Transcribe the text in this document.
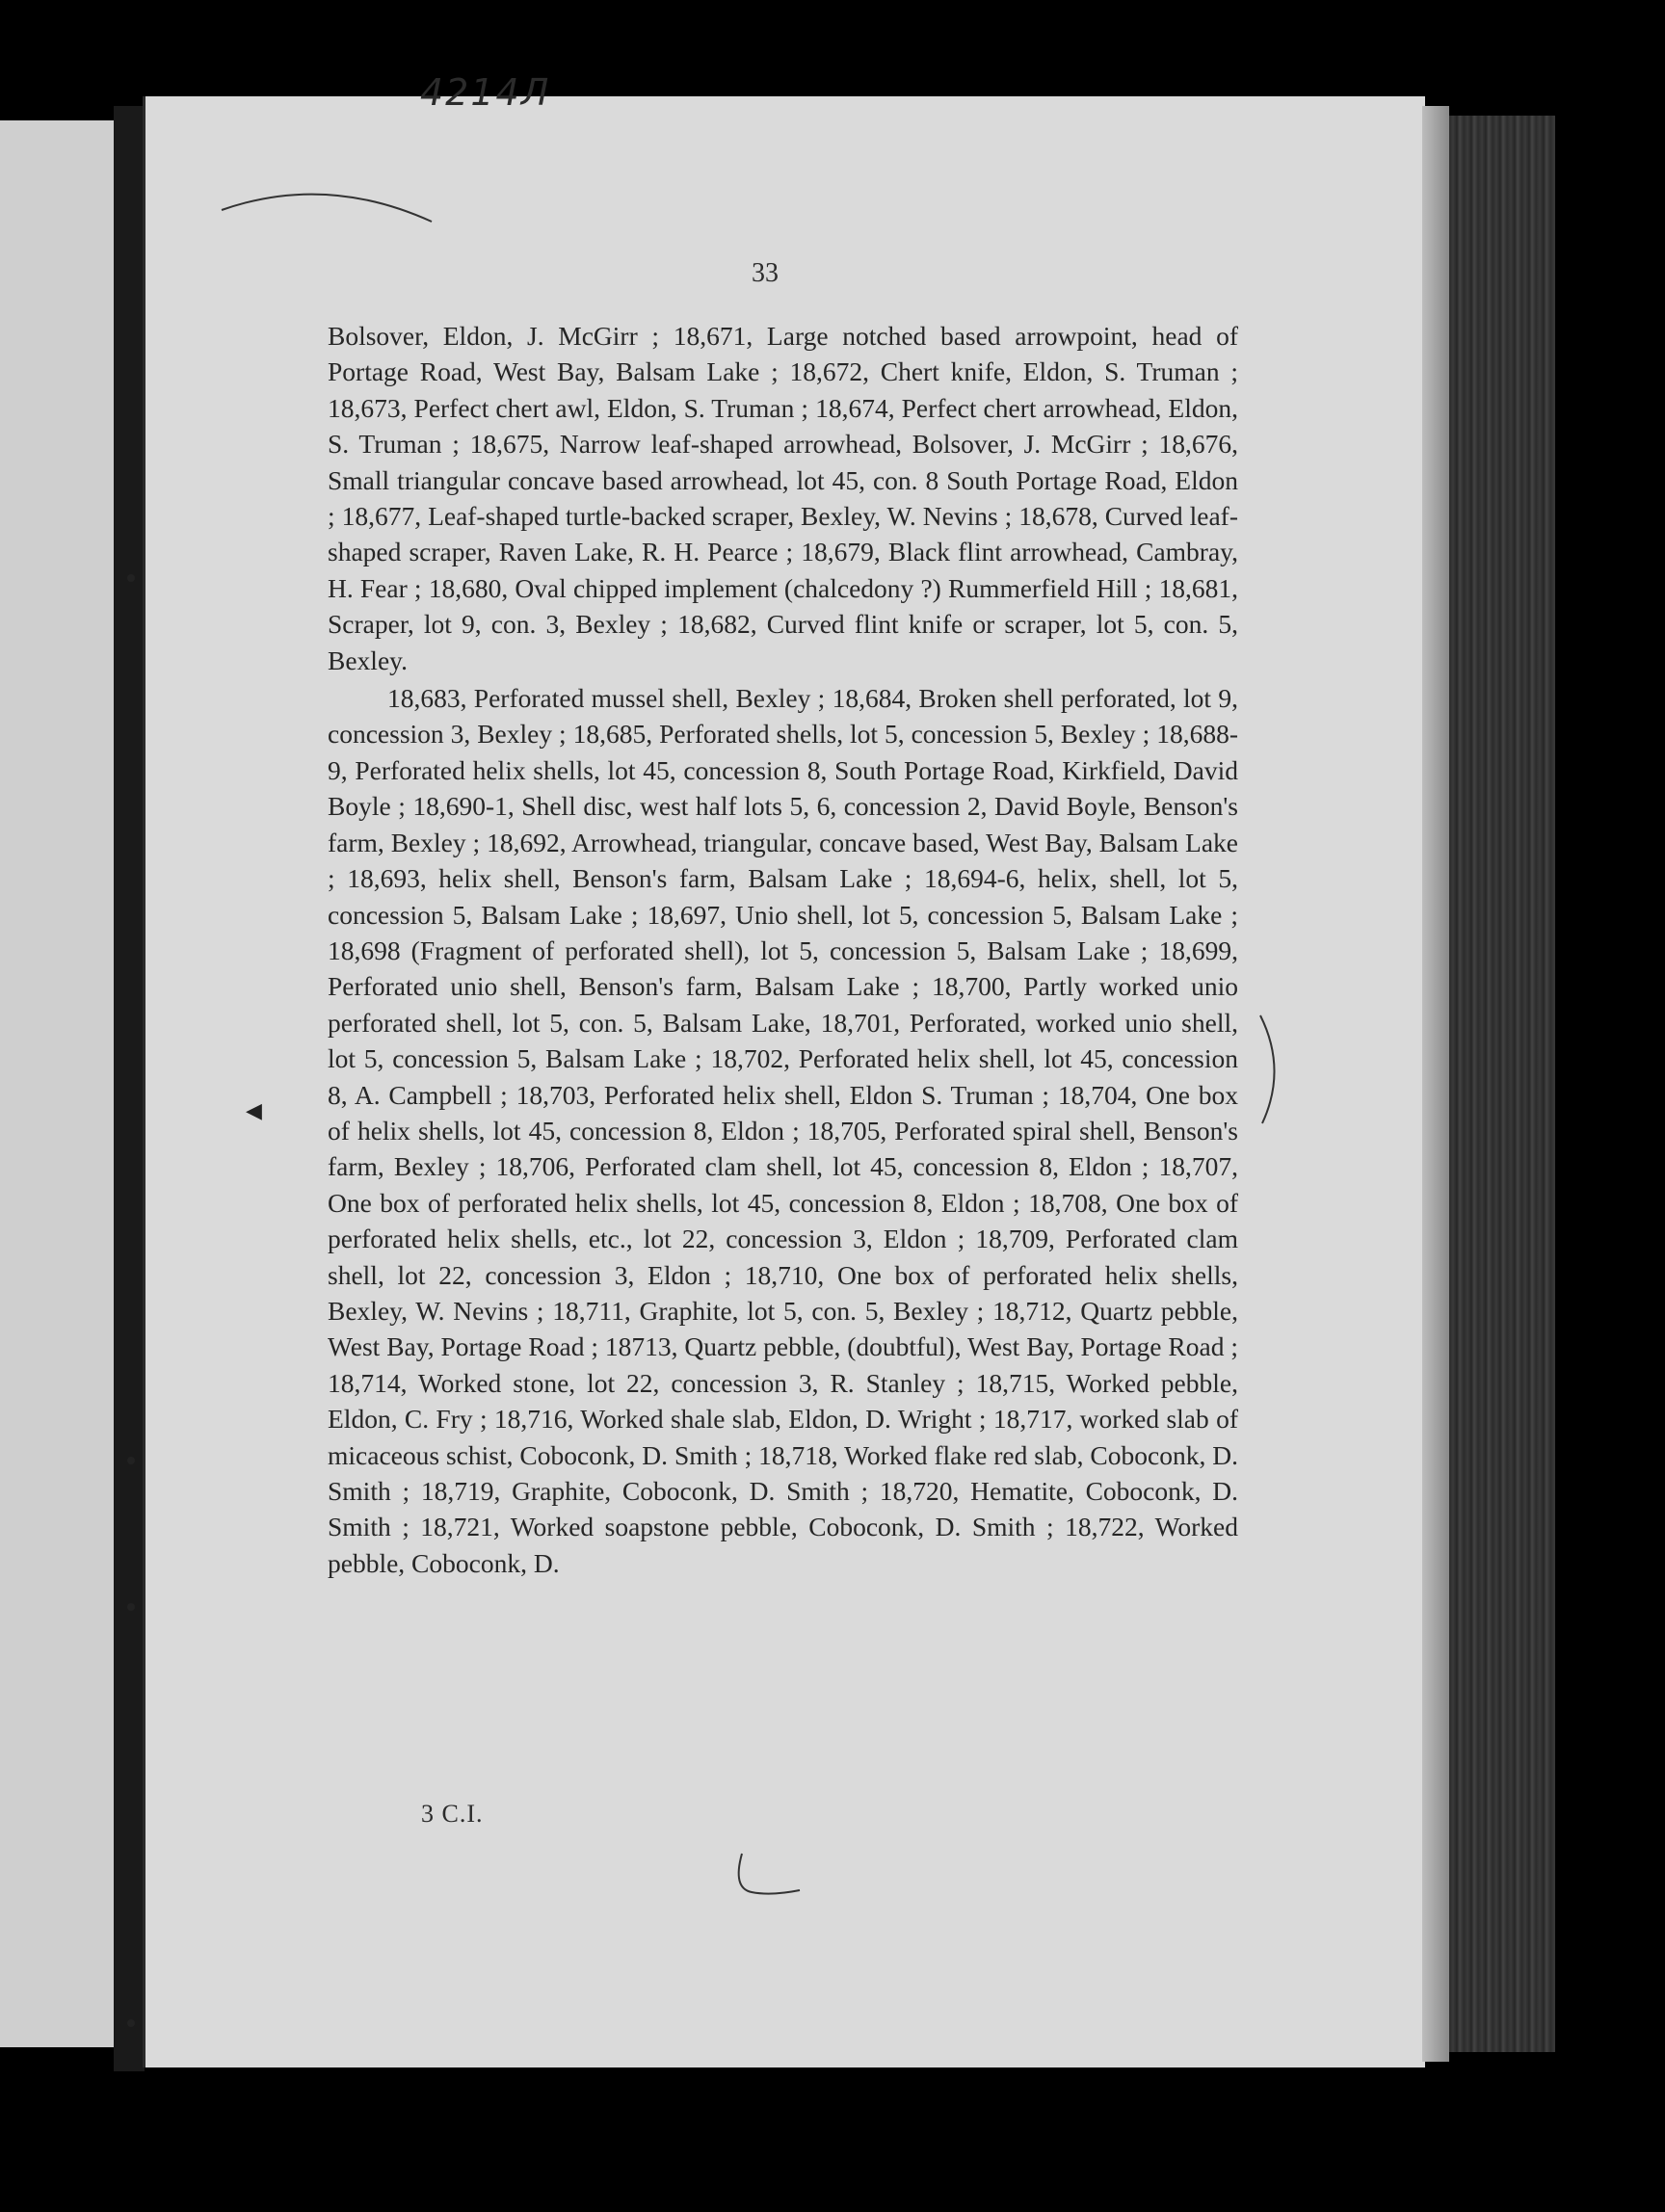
4214Л
33

Bolsover, Eldon, J. McGirr ; 18,671, Large notched based arrowpoint, head of Portage Road, West Bay, Balsam Lake ; 18,672, Chert knife, Eldon, S. Truman ; 18,673, Perfect chert awl, Eldon, S. Truman ; 18,674, Perfect chert arrowhead, Eldon, S. Truman ; 18,675, Narrow leaf-shaped arrowhead, Bolsover, J. McGirr ; 18,676, Small triangular concave based arrowhead, lot 45, con. 8 South Portage Road, Eldon ; 18,677, Leaf-shaped turtle-backed scraper, Bexley, W. Nevins ; 18,678, Curved leaf-shaped scraper, Raven Lake, R. H. Pearce ; 18,679, Black flint arrowhead, Cambray, H. Fear ; 18,680, Oval chipped implement (chalcedony ?) Rummerfield Hill ; 18,681, Scraper, lot 9, con. 3, Bexley ; 18,682, Curved flint knife or scraper, lot 5, con. 5, Bexley.

18,683, Perforated mussel shell, Bexley ; 18,684, Broken shell perforated, lot 9, concession 3, Bexley ; 18,685, Perforated shells, lot 5, concession 5, Bexley ; 18,688-9, Perforated helix shells, lot 45, concession 8, South Portage Road, Kirkfield, David Boyle ; 18,690-1, Shell disc, west half lots 5, 6, concession 2, David Boyle, Benson's farm, Bexley ; 18,692, Arrowhead, triangular, concave based, West Bay, Balsam Lake ; 18,693, helix shell, Benson's farm, Balsam Lake ; 18,694-6, helix, shell, lot 5, concession 5, Balsam Lake ; 18,697, Unio shell, lot 5, concession 5, Balsam Lake ; 18,698 (Fragment of perforated shell), lot 5, concession 5, Balsam Lake ; 18,699, Perforated unio shell, Benson's farm, Balsam Lake ; 18,700, Partly worked unio perforated shell, lot 5, con. 5, Balsam Lake, 18,701, Perforated, worked unio shell, lot 5, concession 5, Balsam Lake ; 18,702, Perforated helix shell, lot 45, concession 8, A. Campbell ; 18,703, Perforated helix shell, Eldon S. Truman ; 18,704, One box of helix shells, lot 45, concession 8, Eldon ; 18,705, Perforated spiral shell, Benson's farm, Bexley ; 18,706, Perforated clam shell, lot 45, concession 8, Eldon ; 18,707, One box of perforated helix shells, lot 45, concession 8, Eldon ; 18,708, One box of perforated helix shells, etc., lot 22, concession 3, Eldon ; 18,709, Perforated clam shell, lot 22, concession 3, Eldon ; 18,710, One box of perforated helix shells, Bexley, W. Nevins ; 18,711, Graphite, lot 5, con. 5, Bexley ; 18,712, Quartz pebble, West Bay, Portage Road ; 18713, Quartz pebble, (doubtful), West Bay, Portage Road ; 18,714, Worked stone, lot 22, concession 3, R. Stanley ; 18,715, Worked pebble, Eldon, C. Fry ; 18,716, Worked shale slab, Eldon, D. Wright ; 18,717, worked slab of micaceous schist, Coboconk, D. Smith ; 18,718, Worked flake red slab, Coboconk, D. Smith ; 18,719, Graphite, Coboconk, D. Smith ; 18,720, Hematite, Coboconk, D. Smith ; 18,721, Worked soapstone pebble, Coboconk, D. Smith ; 18,722, Worked pebble, Coboconk, D.

3 C.I.
◀
